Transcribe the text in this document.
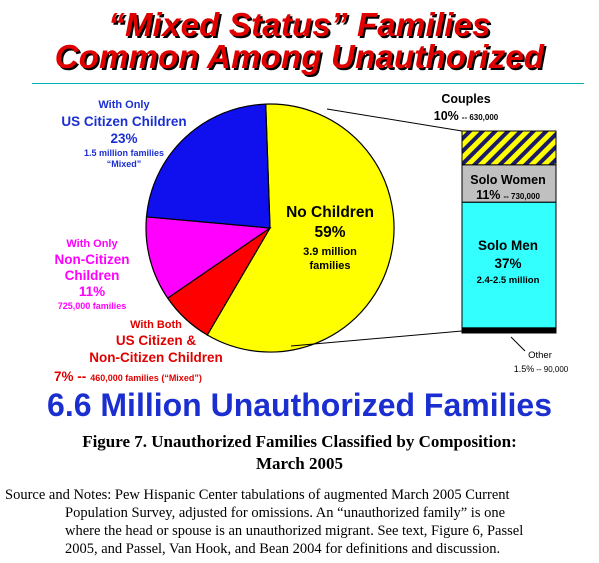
“Mixed Status” Families
Common Among Unauthorized
With Only
US Citizen Children
23%
1.5 million families
“Mixed”
With Only
Non-Citizen
Children
11%
725,000 families
With Both
US Citizen &
Non-Citizen Children
7% -- 460,000 families (“Mixed”)
No Children
59%
3.9 million
families
Couples
10% -- 630,000
Solo Women
11% -- 730,000
Solo Men
37%
2.4-2.5 million
Other
1.5% -- 90,000
6.6 Million Unauthorized Families
Figure 7. Unauthorized Families Classified by Composition:
March 2005
Source and Notes: Pew Hispanic Center tabulations of augmented March 2005 Current
Population Survey, adjusted for omissions. An “unauthorized family” is one
where the head or spouse is an unauthorized migrant. See text, Figure 6, Passel
2005, and Passel, Van Hook, and Bean 2004 for definitions and discussion.
